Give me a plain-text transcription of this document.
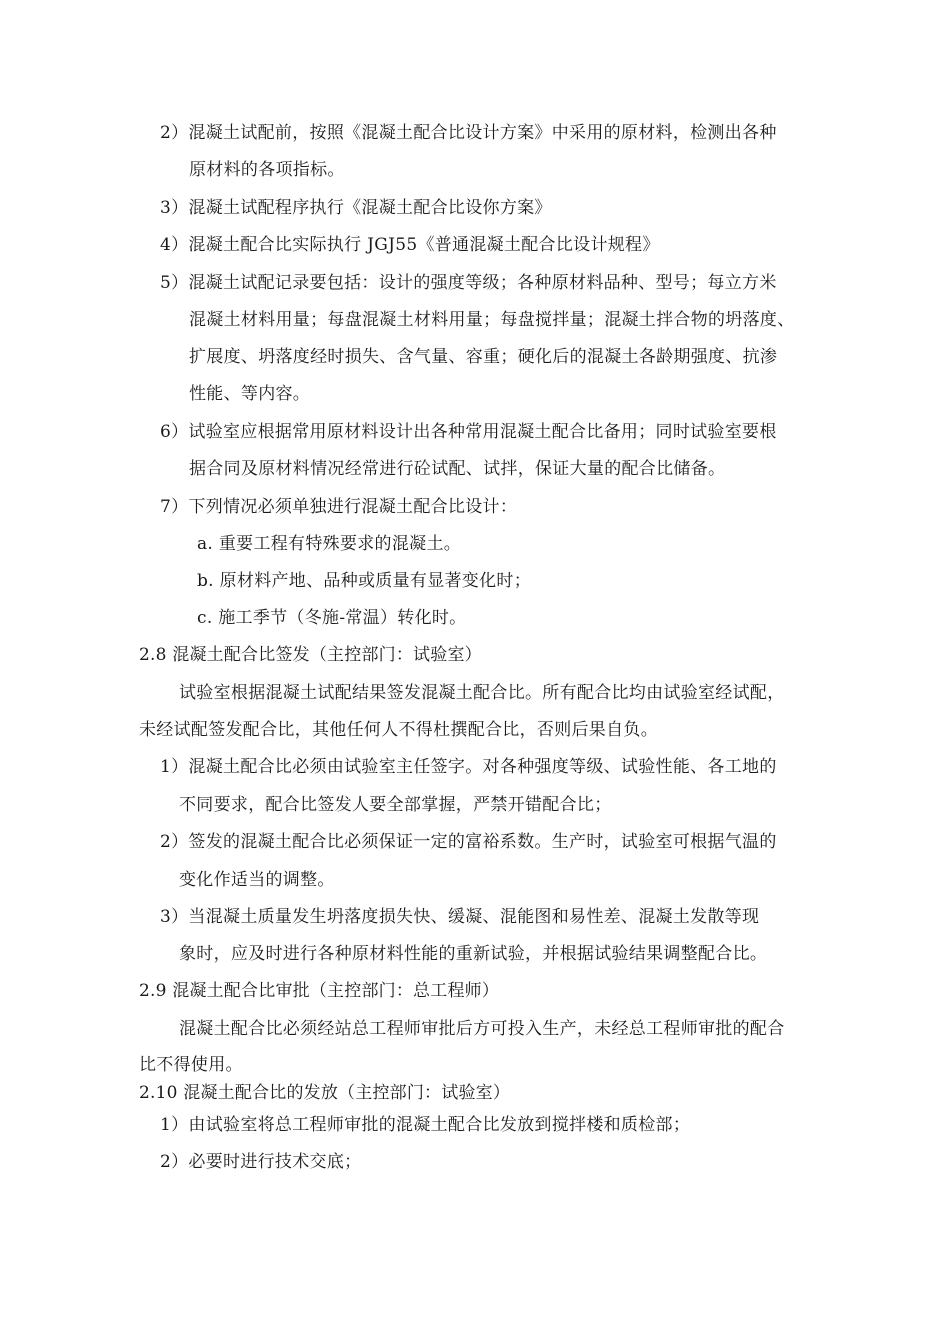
2）混凝土试配前，按照《混凝土配合比设计方案》中采用的原材料，检测出各种
原材料的各项指标。
3）混凝土试配程序执行《混凝土配合比设你方案》
4）混凝土配合比实际执行 JGJ55《普通混凝土配合比设计规程》
5）混凝土试配记录要包括：设计的强度等级；各种原材料品种、型号；每立方米
混凝土材料用量；每盘混凝土材料用量；每盘搅拌量；混凝土拌合物的坍落度、
扩展度、坍落度经时损失、含气量、容重；硬化后的混凝土各龄期强度、抗渗
性能、等内容。
6）试验室应根据常用原材料设计出各种常用混凝土配合比备用；同时试验室要根
据合同及原材料情况经常进行砼试配、试拌，保证大量的配合比储备。
7）下列情况必须单独进行混凝土配合比设计：
a. 重要工程有特殊要求的混凝土。
b. 原材料产地、品种或质量有显著变化时；
c. 施工季节（冬施-常温）转化时。
2.8 混凝土配合比签发（主控部门：试验室）
试验室根据混凝土试配结果签发混凝土配合比。所有配合比均由试验室经试配，
未经试配签发配合比，其他任何人不得杜撰配合比，否则后果自负。
1）混凝土配合比必须由试验室主任签字。对各种强度等级、试验性能、各工地的
不同要求，配合比签发人要全部掌握，严禁开错配合比；
2）签发的混凝土配合比必须保证一定的富裕系数。生产时，试验室可根据气温的
变化作适当的调整。
3）当混凝土质量发生坍落度损失快、缓凝、混能图和易性差、混凝土发散等现
象时，应及时进行各种原材料性能的重新试验，并根据试验结果调整配合比。
2.9 混凝土配合比审批（主控部门：总工程师）
混凝土配合比必须经站总工程师审批后方可投入生产，未经总工程师审批的配合
比不得使用。
2.10 混凝土配合比的发放（主控部门：试验室）
1）由试验室将总工程师审批的混凝土配合比发放到搅拌楼和质检部；
2）必要时进行技术交底；
